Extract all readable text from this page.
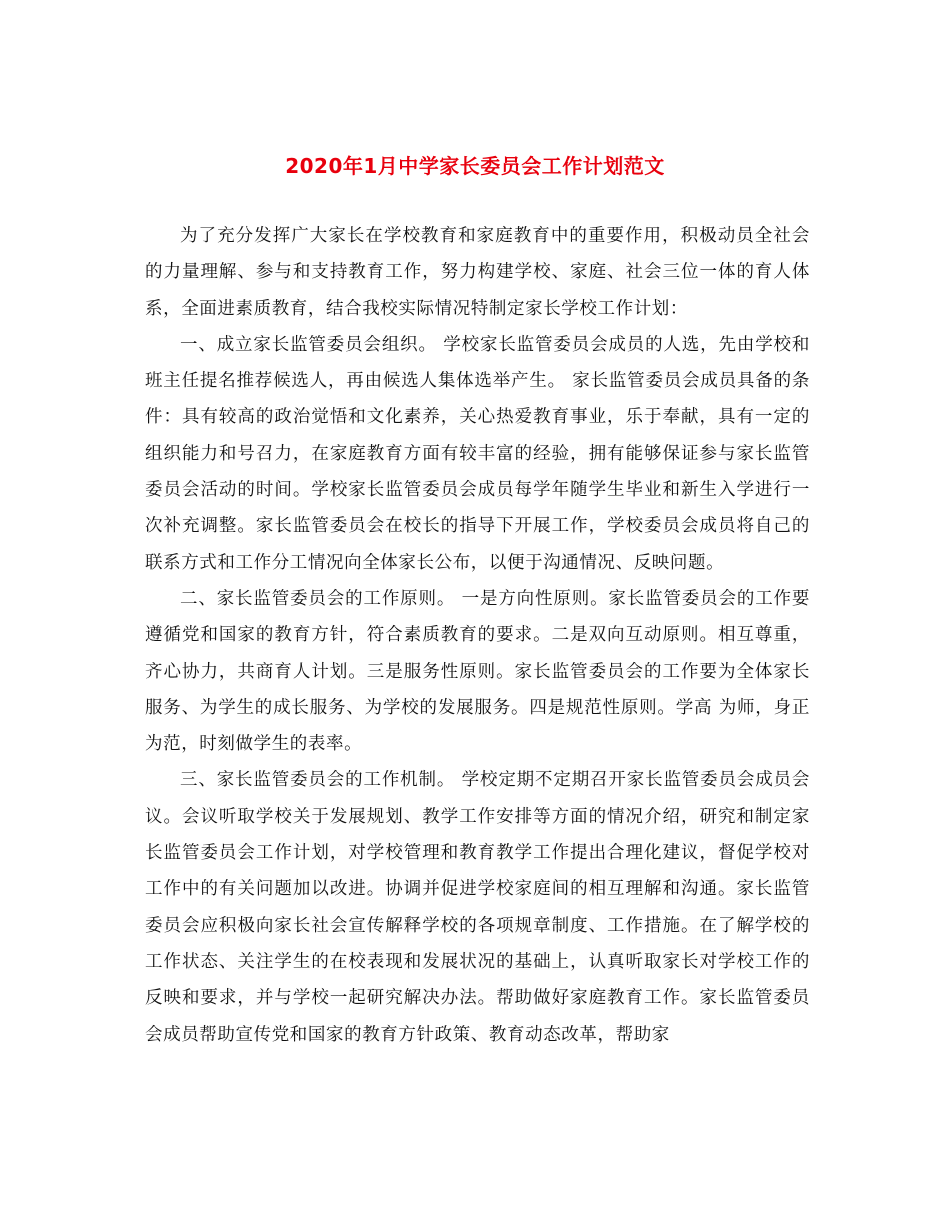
2020年1月中学家长委员会工作计划范文

为了充分发挥广大家长在学校教育和家庭教育中的重要作用，积极动员全社会的力量理解、参与和支持教育工作，努力构建学校、家庭、社会三位一体的育人体系，全面进素质教育，结合我校实际情况特制定家长学校工作计划：

一、成立家长监管委员会组织。 学校家长监管委员会成员的人选，先由学校和班主任提名推荐候选人，再由候选人集体选举产生。 家长监管委员会成员具备的条件：具有较高的政治觉悟和文化素养，关心热爱教育事业，乐于奉献，具有一定的组织能力和号召力，在家庭教育方面有较丰富的经验，拥有能够保证参与家长监管委员会活动的时间。学校家长监管委员会成员每学年随学生毕业和新生入学进行一次补充调整。家长监管委员会在校长的指导下开展工作，学校委员会成员将自己的联系方式和工作分工情况向全体家长公布，以便于沟通情况、反映问题。

二、家长监管委员会的工作原则。 一是方向性原则。家长监管委员会的工作要遵循党和国家的教育方针，符合素质教育的要求。二是双向互动原则。相互尊重，齐心协力，共商育人计划。三是服务性原则。家长监管委员会的工作要为全体家长服务、为学生的成长服务、为学校的发展服务。四是规范性原则。学高 为师，身正为范，时刻做学生的表率。

三、家长监管委员会的工作机制。 学校定期不定期召开家长监管委员会成员会议。会议听取学校关于发展规划、教学工作安排等方面的情况介绍，研究和制定家长监管委员会工作计划，对学校管理和教育教学工作提出合理化建议，督促学校对工作中的有关问题加以改进。协调并促进学校家庭间的相互理解和沟通。家长监管委员会应积极向家长社会宣传解释学校的各项规章制度、工作措施。在了解学校的工作状态、关注学生的在校表现和发展状况的基础上，认真听取家长对学校工作的反映和要求，并与学校一起研究解决办法。帮助做好家庭教育工作。家长监管委员会成员帮助宣传党和国家的教育方针政策、教育动态改革，帮助家
